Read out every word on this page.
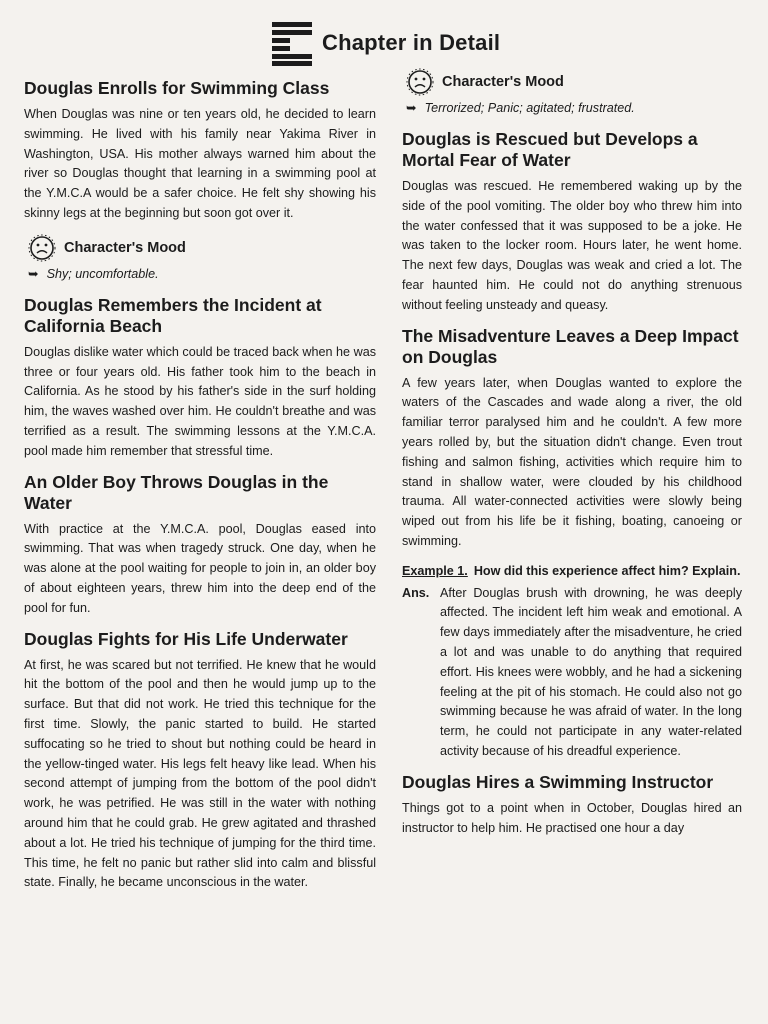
Chapter in Detail
Douglas Enrolls for Swimming Class

When Douglas was nine or ten years old, he decided to learn swimming. He lived with his family near Yakima River in Washington, USA. His mother always warned him about the river so Douglas thought that learning in a swimming pool at the Y.M.C.A would be a safer choice. He felt shy showing his skinny legs at the beginning but soon got over it.

Character's Mood
➥ Shy; uncomfortable.
Douglas Remembers the Incident at California Beach

Douglas dislike water which could be traced back when he was three or four years old. His father took him to the beach in California. As he stood by his father's side in the surf holding him, the waves washed over him. He couldn't breathe and was terrified as a result. The swimming lessons at the Y.M.C.A. pool made him remember that stressful time.

An Older Boy Throws Douglas in the Water

With practice at the Y.M.C.A. pool, Douglas eased into swimming. That was when tragedy struck. One day, when he was alone at the pool waiting for people to join in, an older boy of about eighteen years, threw him into the deep end of the pool for fun.

Douglas Fights for His Life Underwater

At first, he was scared but not terrified. He knew that he would hit the bottom of the pool and then he would jump up to the surface. But that did not work. He tried this technique for the first time. Slowly, the panic started to build. He started suffocating so he tried to shout but nothing could be heard in the yellow-tinged water. His legs felt heavy like lead. When his second attempt of jumping from the bottom of the pool didn't work, he was petrified. He was still in the water with nothing around him that he could grab. He grew agitated and thrashed about a lot. He tried his technique of jumping for the third time. This time, he felt no panic but rather slid into calm and blissful state. Finally, he became unconscious in the water.

Character's Mood
➥ Terrorized; Panic; agitated; frustrated.
Douglas is Rescued but Develops a Mortal Fear of Water

Douglas was rescued. He remembered waking up by the side of the pool vomiting. The older boy who threw him into the water confessed that it was supposed to be a joke. He was taken to the locker room. Hours later, he went home. The next few days, Douglas was weak and cried a lot. The fear haunted him. He could not do anything strenuous without feeling unsteady and queasy.

The Misadventure Leaves a Deep Impact on Douglas

A few years later, when Douglas wanted to explore the waters of the Cascades and wade along a river, the old familiar terror paralysed him and he couldn't. A few more years rolled by, but the situation didn't change. Even trout fishing and salmon fishing, activities which require him to stand in shallow water, were clouded by his childhood trauma. All water-connected activities were slowly being wiped out from his life be it fishing, boating, canoeing or swimming.

Example 1. How did this experience affect him? Explain.
Ans. After Douglas brush with drowning, he was deeply affected. The incident left him weak and emotional. A few days immediately after the misadventure, he cried a lot and was unable to do anything that required effort. His knees were wobbly, and he had a sickening feeling at the pit of his stomach. He could also not go swimming because he was afraid of water. In the long term, he could not participate in any water-related activity because of his dreadful experience.
Douglas Hires a Swimming Instructor

Things got to a point when in October, Douglas hired an instructor to help him. He practised one hour a day
